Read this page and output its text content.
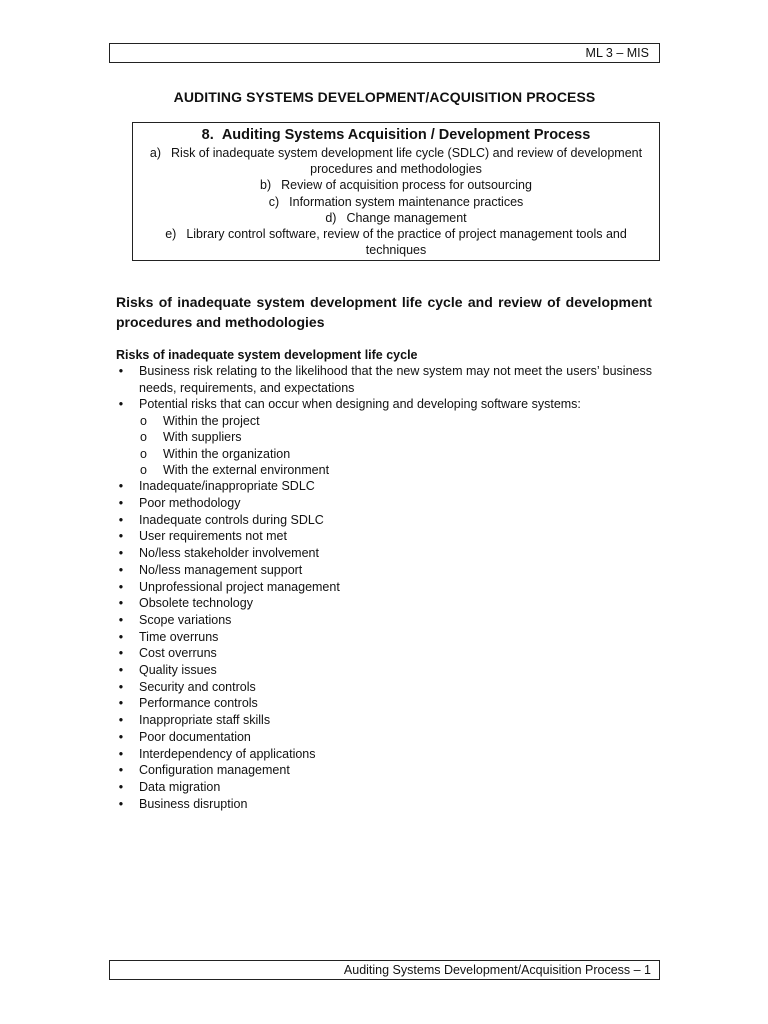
ML 3 – MIS
AUDITING SYSTEMS DEVELOPMENT/ACQUISITION PROCESS
8.  Auditing Systems Acquisition / Development Process
a) Risk of inadequate system development life cycle (SDLC) and review of development procedures and methodologies
b) Review of acquisition process for outsourcing
c) Information system maintenance practices
d) Change management
e) Library control software, review of the practice of project management tools and techniques
Risks of inadequate system development life cycle and review of development procedures and methodologies
Risks of inadequate system development life cycle
• Business risk relating to the likelihood that the new system may not meet the users’ business needs, requirements, and expectations
• Potential risks that can occur when designing and developing software systems:
o Within the project
o With suppliers
o Within the organization
o With the external environment
• Inadequate/inappropriate SDLC
• Poor methodology
• Inadequate controls during SDLC
• User requirements not met
• No/less stakeholder involvement
• No/less management support
• Unprofessional project management
• Obsolete technology
• Scope variations
• Time overruns
• Cost overruns
• Quality issues
• Security and controls
• Performance controls
• Inappropriate staff skills
• Poor documentation
• Interdependency of applications
• Configuration management
• Data migration
• Business disruption
Auditing Systems Development/Acquisition Process – 1
